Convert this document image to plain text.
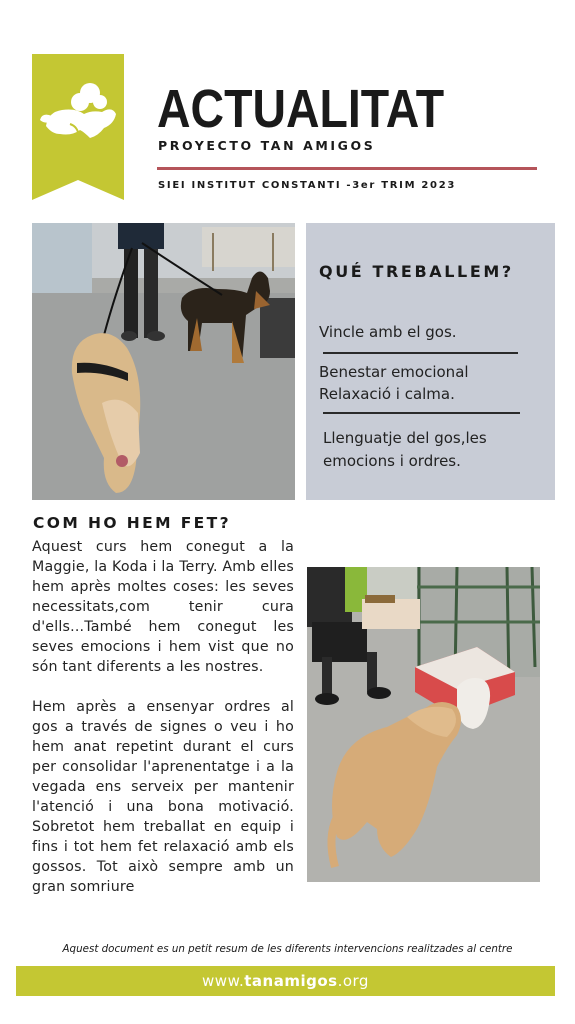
ACTUALITAT
PROYECTO TAN AMIGOS
SIEI INSTITUT CONSTANTI -3er TRIM 2023
QUÉ TREBALLEM?
Vincle amb el gos.
Benestar emocional
Relaxació i calma.
Llenguatje del gos,les emocions i ordres.
COM HO HEM FET?
Aquest curs hem conegut a la Maggie, la Koda i la Terry. Amb elles hem après moltes coses: les seves necessitats,com tenir cura d'ells...També hem conegut les seves emocions i hem vist que no són tant diferents a les nostres.
Hem après a ensenyar ordres al gos a través de signes o veu i ho hem anat repetint durant el curs per consolidar l'aprenentatge i a la vegada ens serveix per mantenir l'atenció i una bona motivació. Sobretot hem treballat en equip i fins i tot hem fet relaxació amb els gossos. Tot això sempre amb un gran somriure
Aquest document es un petit resum de les diferents intervencions realitzades al centre
www.tanamigos.org
